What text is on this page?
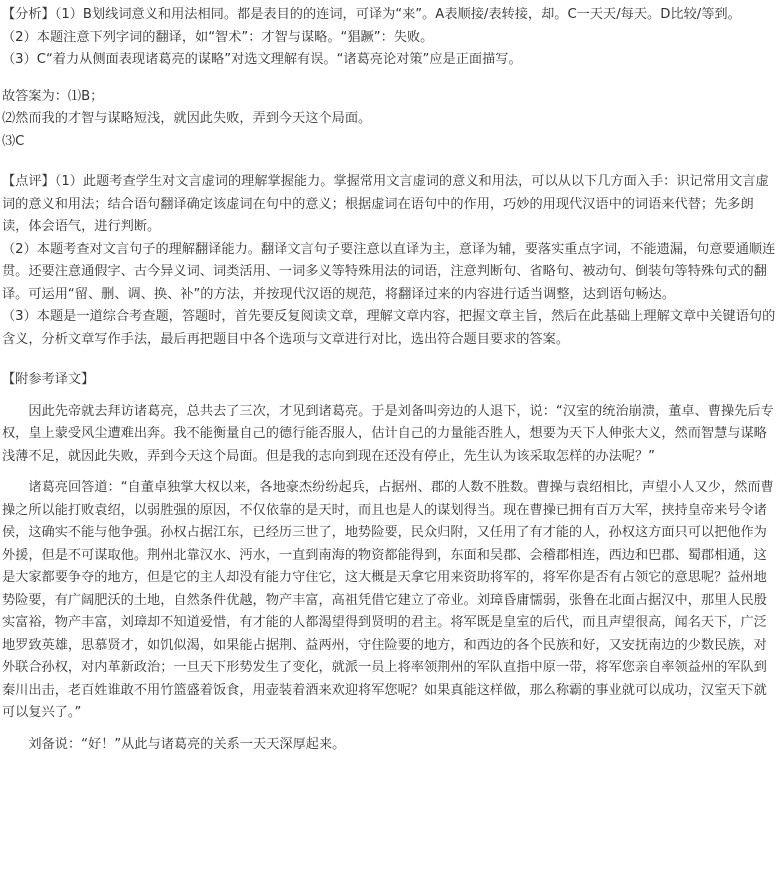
【分析】（1）B划线词意义和用法相同。都是表目的的连词，可译为“来”。A表顺接/表转接，却。C一天天/每天。D比较/等到。

（2）本题注意下列字词的翻译，如“智术”：才智与谋略。“猖蹶”：失败。

（3）C“着力从侧面表现诸葛亮的谋略”对选文理解有误。“诸葛亮论对策”应是正面描写。

故答案为：⑴B；

⑵然而我的才智与谋略短浅，就因此失败，弄到今天这个局面。

⑶C

【点评】（1）此题考查学生对文言虚词的理解掌握能力。掌握常用文言虚词的意义和用法，可以从以下几方面入手：识记常用文言虚词的意义和用法；结合语句翻译确定该虚词在句中的意义；根据虚词在语句中的作用，巧妙的用现代汉语中的词语来代替；先多朗读，体会语气，进行判断。

（2）本题考查对文言句子的理解翻译能力。翻译文言句子要注意以直译为主，意译为辅，要落实重点字词，不能遗漏，句意要通顺连贯。还要注意通假字、古今异义词、词类活用、一词多义等特殊用法的词语，注意判断句、省略句、被动句、倒装句等特殊句式的翻译。可运用“留、删、调、换、补”的方法，并按现代汉语的规范，将翻译过来的内容进行适当调整，达到语句畅达。

（3）本题是一道综合考查题，答题时，首先要反复阅读文章，理解文章内容，把握文章主旨，然后在此基础上理解文章中关键语句的含义，分析文章写作手法，最后再把题目中各个选项与文章进行对比，选出符合题目要求的答案。

【附参考译文】

因此先帝就去拜访诸葛亮，总共去了三次，才见到诸葛亮。于是刘备叫旁边的人退下，说：“汉室的统治崩溃，董卓、曹操先后专权，皇上蒙受风尘遭难出奔。我不能衡量自己的德行能否服人，估计自己的力量能否胜人，想要为天下人伸张大义，然而智慧与谋略浅薄不足，就因此失败，弄到今天这个局面。但是我的志向到现在还没有停止，先生认为该采取怎样的办法呢？”

诸葛亮回答道：“自董卓独掌大权以来，各地豪杰纷纷起兵，占据州、郡的人数不胜数。曹操与袁绍相比，声望小人又少，然而曹操之所以能打败袁绍，以弱胜强的原因，不仅依靠的是天时，而且也是人的谋划得当。现在曹操已拥有百万大军，挟持皇帝来号令诸侯，这确实不能与他争强。孙权占据江东，已经历三世了，地势险要，民众归附，又任用了有才能的人，孙权这方面只可以把他作为外援，但是不可谋取他。荆州北靠汉水、沔水，一直到南海的物资都能得到，东面和吴郡、会稽郡相连，西边和巴郡、蜀郡相通，这是大家都要争夺的地方，但是它的主人却没有能力守住它，这大概是天拿它用来资助将军的，将军你是否有占领它的意思呢？益州地势险要，有广阔肥沃的土地，自然条件优越，物产丰富，高祖凭借它建立了帝业。刘璋昏庸懦弱，张鲁在北面占据汉中，那里人民殷实富裕，物产丰富，刘璋却不知道爱惜，有才能的人都渴望得到贤明的君主。将军既是皇室的后代，而且声望很高，闻名天下，广泛地罗致英雄，思慕贤才，如饥似渴，如果能占据荆、益两州，守住险要的地方，和西边的各个民族和好，又安抚南边的少数民族，对外联合孙权，对内革新政治；一旦天下形势发生了变化，就派一员上将率领荆州的军队直指中原一带，将军您亲自率领益州的军队到秦川出击，老百姓谁敢不用竹篮盛着饭食，用壶装着酒来欢迎将军您呢？如果真能这样做，那么称霸的事业就可以成功，汉室天下就可以复兴了。”

刘备说：“好！”从此与诸葛亮的关系一天天深厚起来。
